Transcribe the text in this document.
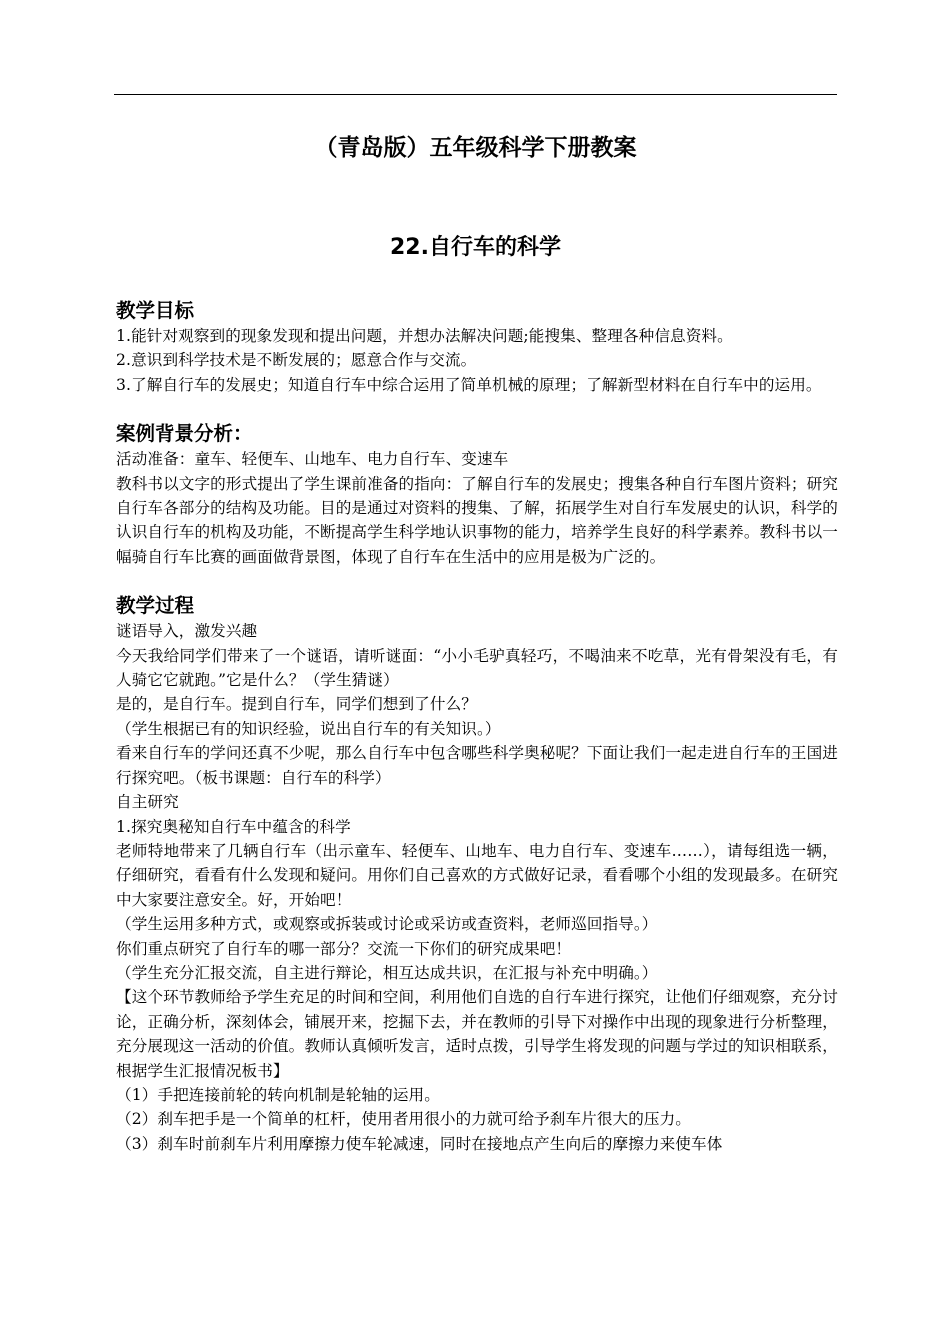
（青岛版）五年级科学下册教案
22.自行车的科学
教学目标

1.能针对观察到的现象发现和提出问题，并想办法解决问题;能搜集、整理各种信息资料。

2.意识到科学技术是不断发展的；愿意合作与交流。

3.了解自行车的发展史；知道自行车中综合运用了简单机械的原理；了解新型材料在自行车中的运用。

案例背景分析：

活动准备：童车、轻便车、山地车、电力自行车、变速车

教科书以文字的形式提出了学生课前准备的指向：了解自行车的发展史；搜集各种自行车图片资料；研究自行车各部分的结构及功能。目的是通过对资料的搜集、了解，拓展学生对自行车发展史的认识，科学的认识自行车的机构及功能，不断提高学生科学地认识事物的能力，培养学生良好的科学素养。教科书以一幅骑自行车比赛的画面做背景图，体现了自行车在生活中的应用是极为广泛的。

教学过程

谜语导入，激发兴趣

今天我给同学们带来了一个谜语，请听谜面：“小小毛驴真轻巧，不喝油来不吃草，光有骨架没有毛，有人骑它它就跑。”它是什么？（学生猜谜）

是的，是自行车。提到自行车，同学们想到了什么？

（学生根据已有的知识经验，说出自行车的有关知识。）

看来自行车的学问还真不少呢，那么自行车中包含哪些科学奥秘呢？下面让我们一起走进自行车的王国进行探究吧。（板书课题：自行车的科学）

自主研究

1.探究奥秘知自行车中蕴含的科学

老师特地带来了几辆自行车（出示童车、轻便车、山地车、电力自行车、变速车……），请每组选一辆，仔细研究，看看有什么发现和疑问。用你们自己喜欢的方式做好记录，看看哪个小组的发现最多。在研究中大家要注意安全。好，开始吧！

（学生运用多种方式，或观察或拆装或讨论或采访或查资料，老师巡回指导。）

你们重点研究了自行车的哪一部分？交流一下你们的研究成果吧！

（学生充分汇报交流，自主进行辩论，相互达成共识，在汇报与补充中明确。）

【这个环节教师给予学生充足的时间和空间，利用他们自选的自行车进行探究，让他们仔细观察，充分讨论，正确分析，深刻体会，铺展开来，挖掘下去，并在教师的引导下对操作中出现的现象进行分析整理，充分展现这一活动的价值。教师认真倾听发言，适时点拨，引导学生将发现的问题与学过的知识相联系，根据学生汇报情况板书】

（1）手把连接前轮的转向机制是轮轴的运用。

（2）刹车把手是一个简单的杠杆，使用者用很小的力就可给予刹车片很大的压力。

（3）刹车时前刹车片利用摩擦力使车轮减速，同时在接地点产生向后的摩擦力来使车体
